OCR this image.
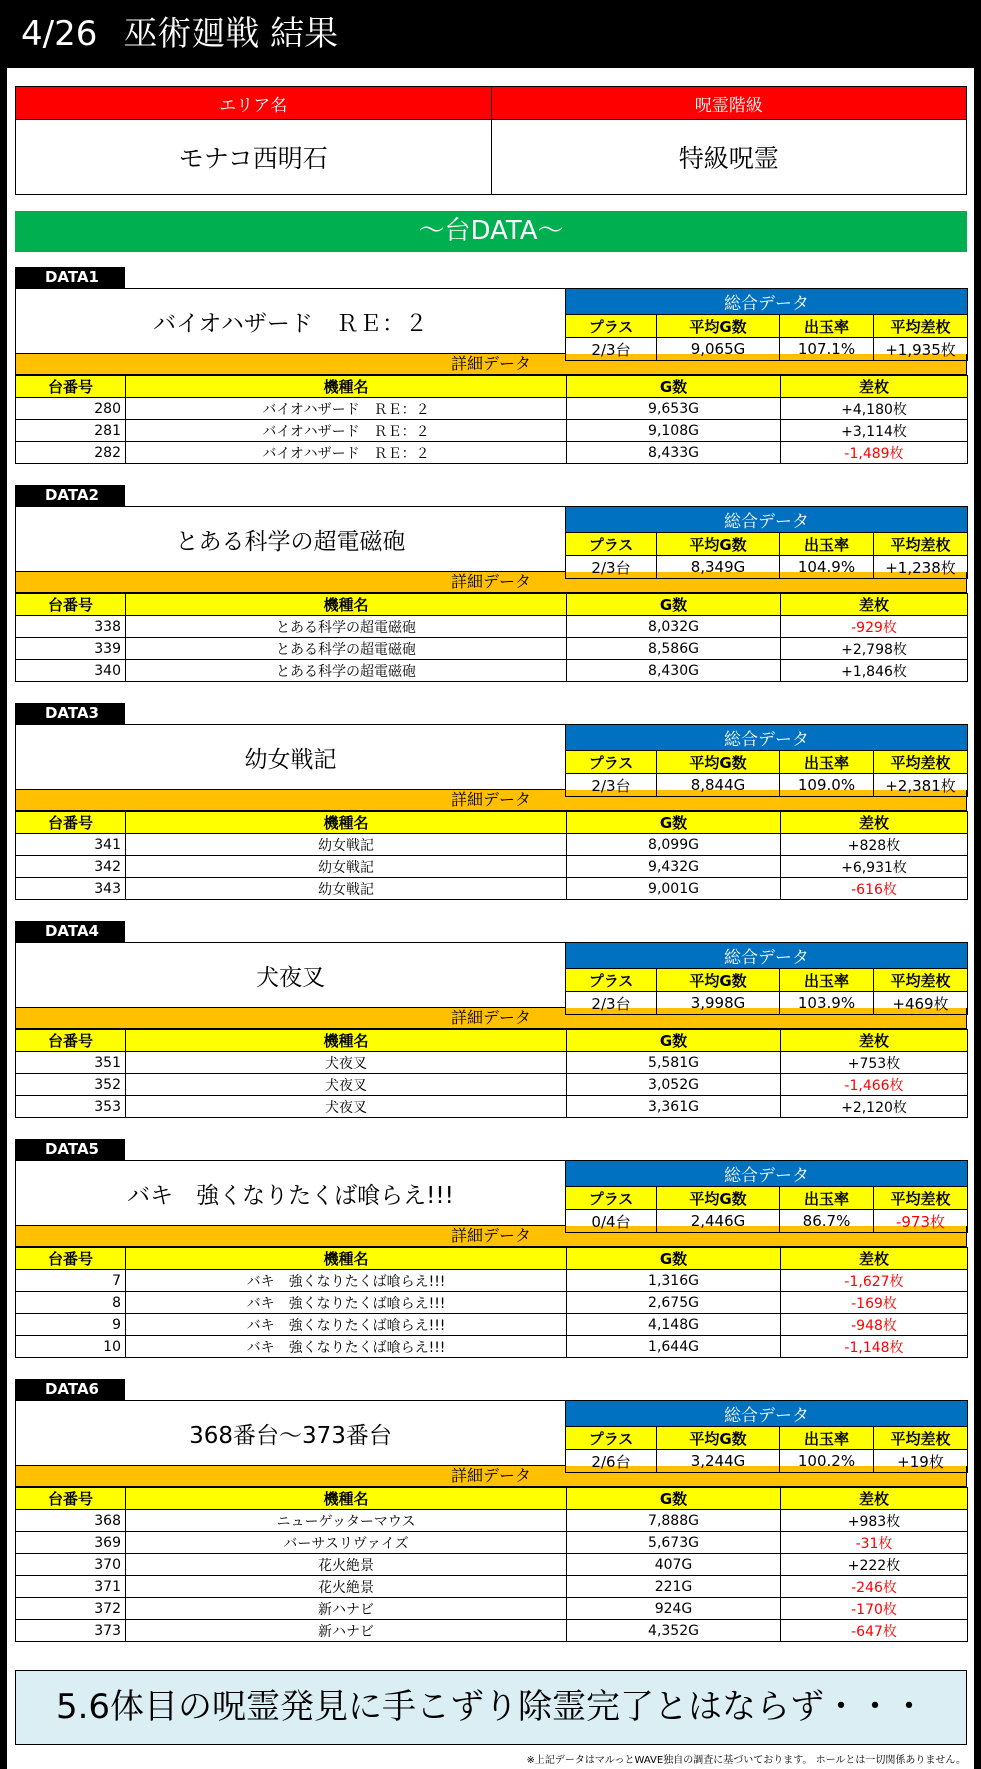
4/26 巫術廻戦 結果
エリア名	呪霊階級
モナコ西明石	特級呪霊
～台DATA～
DATA1
バイオハザード　ＲＥ：２
総合データ			
プラス	平均G数	出玉率	平均差枚
2/3台	9,065G	107.1%	+1,935枚
詳細データ
台番号	機種名	G数	差枚
280	バイオハザード　ＲＥ：２	9,653G	+4,180枚
281	バイオハザード　ＲＥ：２	9,108G	+3,114枚
282	バイオハザード　ＲＥ：２	8,433G	-1,489枚
DATA2
とある科学の超電磁砲
総合データ			
プラス	平均G数	出玉率	平均差枚
2/3台	8,349G	104.9%	+1,238枚
詳細データ
台番号	機種名	G数	差枚
338	とある科学の超電磁砲	8,032G	-929枚
339	とある科学の超電磁砲	8,586G	+2,798枚
340	とある科学の超電磁砲	8,430G	+1,846枚
DATA3
幼女戦記
総合データ			
プラス	平均G数	出玉率	平均差枚
2/3台	8,844G	109.0%	+2,381枚
詳細データ
台番号	機種名	G数	差枚
341	幼女戦記	8,099G	+828枚
342	幼女戦記	9,432G	+6,931枚
343	幼女戦記	9,001G	-616枚
DATA4
犬夜叉
総合データ			
プラス	平均G数	出玉率	平均差枚
2/3台	3,998G	103.9%	+469枚
詳細データ
台番号	機種名	G数	差枚
351	犬夜叉	5,581G	+753枚
352	犬夜叉	3,052G	-1,466枚
353	犬夜叉	3,361G	+2,120枚
DATA5
バキ　強くなりたくば喰らえ!!!
総合データ			
プラス	平均G数	出玉率	平均差枚
0/4台	2,446G	86.7%	-973枚
詳細データ
台番号	機種名	G数	差枚
7	バキ　強くなりたくば喰らえ!!!	1,316G	-1,627枚
8	バキ　強くなりたくば喰らえ!!!	2,675G	-169枚
9	バキ　強くなりたくば喰らえ!!!	4,148G	-948枚
10	バキ　強くなりたくば喰らえ!!!	1,644G	-1,148枚
DATA6
368番台～373番台
総合データ			
プラス	平均G数	出玉率	平均差枚
2/6台	3,244G	100.2%	+19枚
詳細データ
台番号	機種名	G数	差枚
368	ニューゲッターマウス	7,888G	+983枚
369	バーサスリヴァイズ	5,673G	-31枚
370	花火絶景	407G	+222枚
371	花火絶景	221G	-246枚
372	新ハナビ	924G	-170枚
373	新ハナビ	4,352G	-647枚
5.6体目の呪霊発見に手こずり除霊完了とはならず・・・
※上記データはマルっとWAVE独自の調査に基づいております。 ホールとは一切関係ありません。
